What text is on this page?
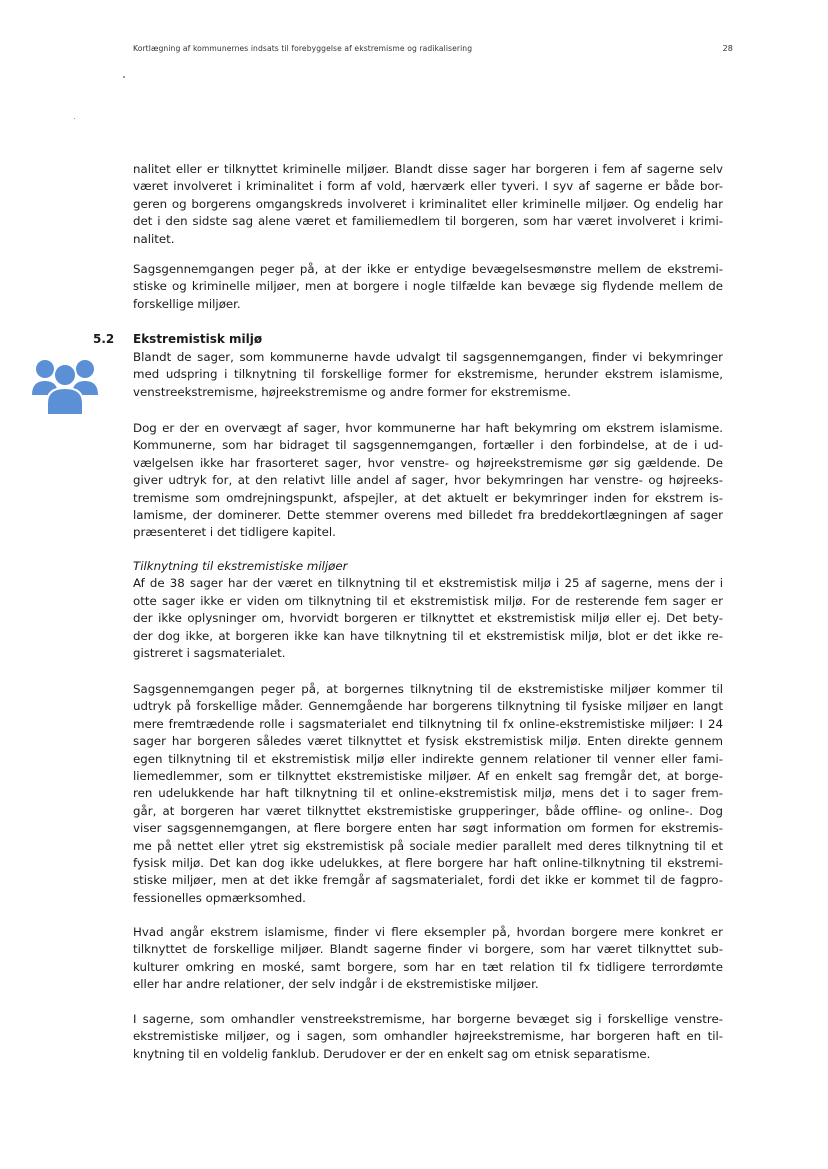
Kortlægning af kommunernes indsats til forebyggelse af ekstremisme og radikalisering	28
nalitet eller er tilknyttet kriminelle miljøer. Blandt disse sager har borgeren i fem af sagerne selv
været involveret i kriminalitet i form af vold, hærværk eller tyveri. I syv af sagerne er både bor-
geren og borgerens omgangskreds involveret i kriminalitet eller kriminelle miljøer. Og endelig har
det i den sidste sag alene været et familiemedlem til borgeren, som har været involveret i krimi-
nalitet.
Sagsgennemgangen peger på, at der ikke er entydige bevægelsesmønstre mellem de ekstremi-
stiske og kriminelle miljøer, men at borgere i nogle tilfælde kan bevæge sig flydende mellem de
forskellige miljøer.
5.2 Ekstremistisk miljø
Blandt de sager, som kommunerne havde udvalgt til sagsgennemgangen, finder vi bekymringer
med udspring i tilknytning til forskellige former for ekstremisme, herunder ekstrem islamisme,
venstreekstremisme, højreekstremisme og andre former for ekstremisme.
Dog er der en overvægt af sager, hvor kommunerne har haft bekymring om ekstrem islamisme.
Kommunerne, som har bidraget til sagsgennemgangen, fortæller i den forbindelse, at de i ud-
vælgelsen ikke har frasorteret sager, hvor venstre- og højreekstremisme gør sig gældende. De
giver udtryk for, at den relativt lille andel af sager, hvor bekymringen har venstre- og højreeks-
tremisme som omdrejningspunkt, afspejler, at det aktuelt er bekymringer inden for ekstrem is-
lamisme, der dominerer. Dette stemmer overens med billedet fra breddekortlægningen af sager
præsenteret i det tidligere kapitel.
Tilknytning til ekstremistiske miljøer
Af de 38 sager har der været en tilknytning til et ekstremistisk miljø i 25 af sagerne, mens der i
otte sager ikke er viden om tilknytning til et ekstremistisk miljø. For de resterende fem sager er
der ikke oplysninger om, hvorvidt borgeren er tilknyttet et ekstremistisk miljø eller ej. Det bety-
der dog ikke, at borgeren ikke kan have tilknytning til et ekstremistisk miljø, blot er det ikke re-
gistreret i sagsmaterialet.
Sagsgennemgangen peger på, at borgernes tilknytning til de ekstremistiske miljøer kommer til
udtryk på forskellige måder. Gennemgående har borgerens tilknytning til fysiske miljøer en langt
mere fremtrædende rolle i sagsmaterialet end tilknytning til fx online-ekstremistiske miljøer: I 24
sager har borgeren således været tilknyttet et fysisk ekstremistisk miljø. Enten direkte gennem
egen tilknytning til et ekstremistisk miljø eller indirekte gennem relationer til venner eller fami-
liemedlemmer, som er tilknyttet ekstremistiske miljøer. Af en enkelt sag fremgår det, at borge-
ren udelukkende har haft tilknytning til et online-ekstremistisk miljø, mens det i to sager frem-
går, at borgeren har været tilknyttet ekstremistiske grupperinger, både offline- og online-. Dog
viser sagsgennemgangen, at flere borgere enten har søgt information om formen for ekstremis-
me på nettet eller ytret sig ekstremistisk på sociale medier parallelt med deres tilknytning til et
fysisk miljø. Det kan dog ikke udelukkes, at flere borgere har haft online-tilknytning til ekstremi-
stiske miljøer, men at det ikke fremgår af sagsmaterialet, fordi det ikke er kommet til de fagpro-
fessionelles opmærksomhed.
Hvad angår ekstrem islamisme, finder vi flere eksempler på, hvordan borgere mere konkret er
tilknyttet de forskellige miljøer. Blandt sagerne finder vi borgere, som har været tilknyttet sub-
kulturer omkring en moské, samt borgere, som har en tæt relation til fx tidligere terrordømte
eller har andre relationer, der selv indgår i de ekstremistiske miljøer.
I sagerne, som omhandler venstreekstremisme, har borgerne bevæget sig i forskellige venstre-
ekstremistiske miljøer, og i sagen, som omhandler højreekstremisme, har borgeren haft en til-
knytning til en voldelig fanklub. Derudover er der en enkelt sag om etnisk separatisme.
